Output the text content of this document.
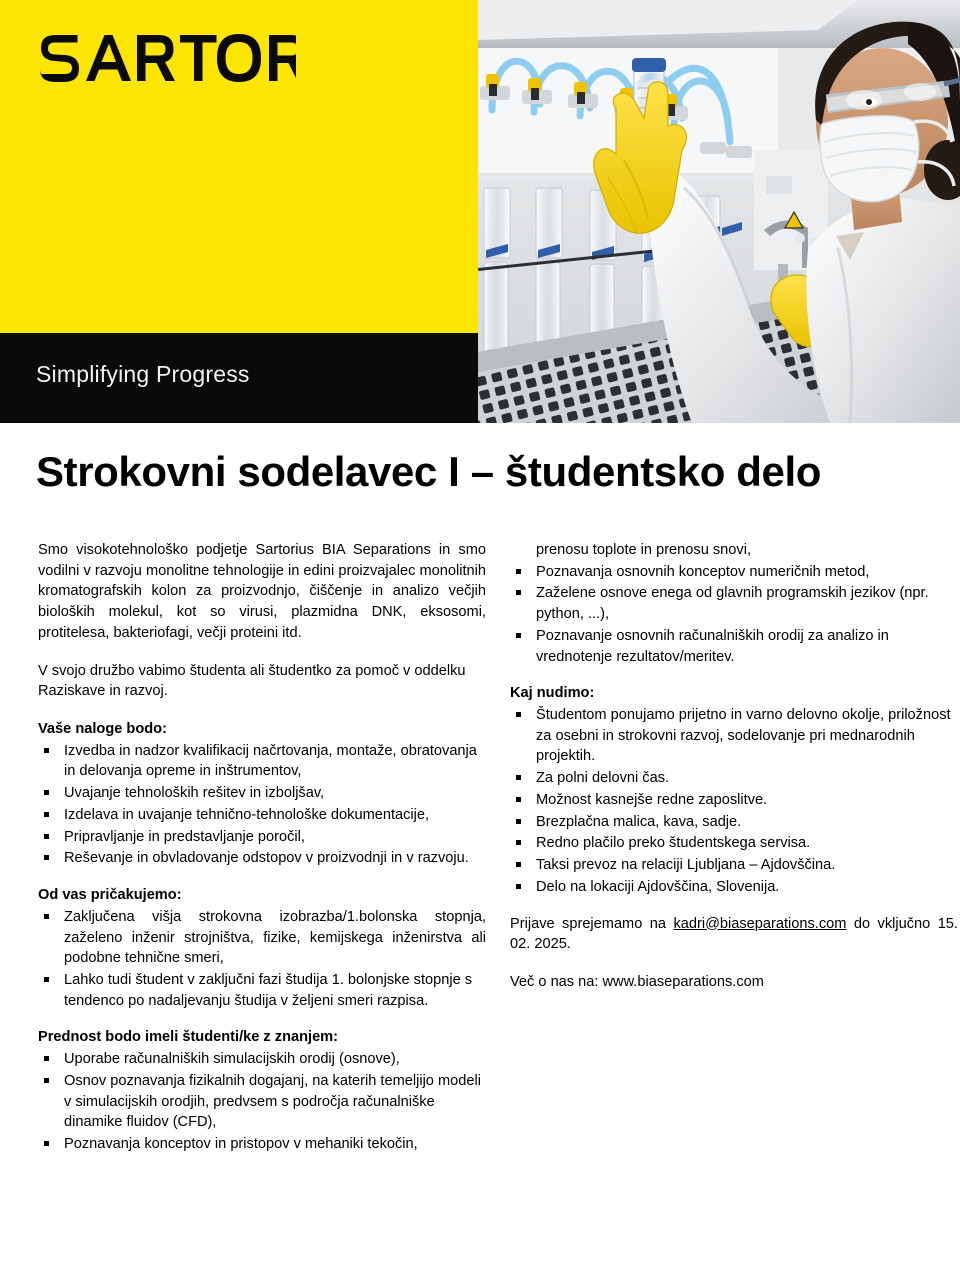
Simplifying Progress
Strokovni sodelavec I – študentsko delo

Smo visokotehnološko podjetje Sartorius BIA Separations in smo vodilni v razvoju monolitne tehnologije in edini proizvajalec monolitnih kromatografskih kolon za proizvodnjo, čiščenje in analizo večjih bioloških molekul, kot so virusi, plazmidna DNK, eksosomi, protitelesa, bakteriofagi, večji proteini itd.

V svojo družbo vabimo študenta ali študentko za pomoč v oddelku Raziskave in razvoj.

Vaše naloge bodo:
Izvedba in nadzor kvalifikacij načrtovanja, montaže, obratovanja in delovanja opreme in inštrumentov,
Uvajanje tehnoloških rešitev in izboljšav,
Izdelava in uvajanje tehnično-tehnološke dokumentacije,
Pripravljanje in predstavljanje poročil,
Reševanje in obvladovanje odstopov v proizvodnji in v razvoju.
Od vas pričakujemo:
Zaključena višja strokovna izobrazba/1.bolonska stopnja, zaželeno inženir strojništva, fizike, kemijskega inženirstva ali podobne tehnične smeri,
Lahko tudi študent v zaključni fazi študija 1. bolonjske stopnje s tendenco po nadaljevanju študija v željeni smeri razpisa.
Prednost bodo imeli študenti/ke z znanjem:
Uporabe računalniških simulacijskih orodij (osnove),
Osnov poznavanja fizikalnih dogajanj, na katerih temeljijo modeli v simulacijskih orodjih, predvsem s področja računalniške dinamike fluidov (CFD),
Poznavanja konceptov in pristopov v mehaniki tekočin,
prenosu toplote in prenosu snovi,
Poznavanja osnovnih konceptov numeričnih metod,
Zaželene osnove enega od glavnih programskih jezikov (npr. python, ...),
Poznavanje osnovnih računalniških orodij za analizo in vrednotenje rezultatov/meritev.
Kaj nudimo:
Študentom ponujamo prijetno in varno delovno okolje, priložnost za osebni in strokovni razvoj, sodelovanje pri mednarodnih projektih.
Za polni delovni čas.
Možnost kasnejše redne zaposlitve.
Brezplačna malica, kava, sadje.
Redno plačilo preko študentskega servisa.
Taksi prevoz na relaciji Ljubljana – Ajdovščina.
Delo na lokaciji Ajdovščina, Slovenija.

Prijave sprejemamo na kadri@biaseparations.com do vključno 15. 02. 2025.

Več o nas na: www.biaseparations.com
